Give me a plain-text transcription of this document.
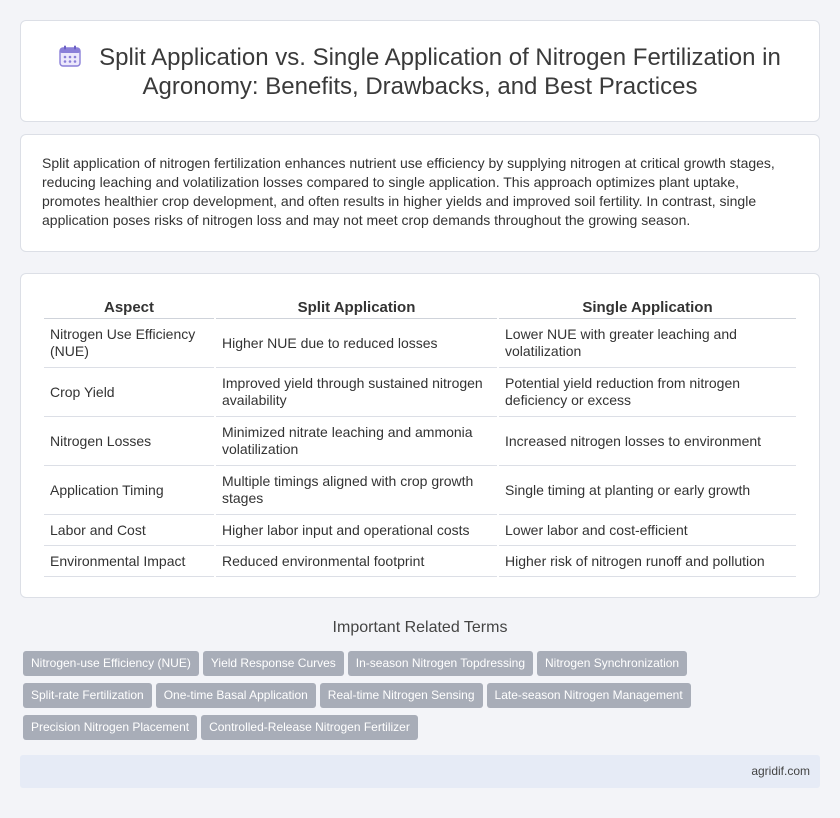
Split Application vs. Single Application of Nitrogen Fertilization in
Agronomy: Benefits, Drawbacks, and Best Practices

Split application of nitrogen fertilization enhances nutrient use efficiency by supplying nitrogen at critical growth stages, reducing leaching and volatilization losses compared to single application. This approach optimizes plant uptake, promotes healthier crop development, and often results in higher yields and improved soil fertility. In contrast, single application poses risks of nitrogen loss and may not meet crop demands throughout the growing season.

Aspect	Split Application	Single Application
Nitrogen Use Efficiency (NUE)	Higher NUE due to reduced losses	Lower NUE with greater leaching and volatilization
Crop Yield	Improved yield through sustained nitrogen availability	Potential yield reduction from nitrogen deficiency or excess
Nitrogen Losses	Minimized nitrate leaching and ammonia volatilization	Increased nitrogen losses to environment
Application Timing	Multiple timings aligned with crop growth stages	Single timing at planting or early growth
Labor and Cost	Higher labor input and operational costs	Lower labor and cost-efficient
Environmental Impact	Reduced environmental footprint	Higher risk of nitrogen runoff and pollution
Important Related Terms
Nitrogen-use Efficiency (NUE) Yield Response Curves In-season Nitrogen Topdressing Nitrogen Synchronization
Split-rate Fertilization One-time Basal Application Real-time Nitrogen Sensing Late-season Nitrogen Management
Precision Nitrogen Placement Controlled-Release Nitrogen Fertilizer
agridif.com
